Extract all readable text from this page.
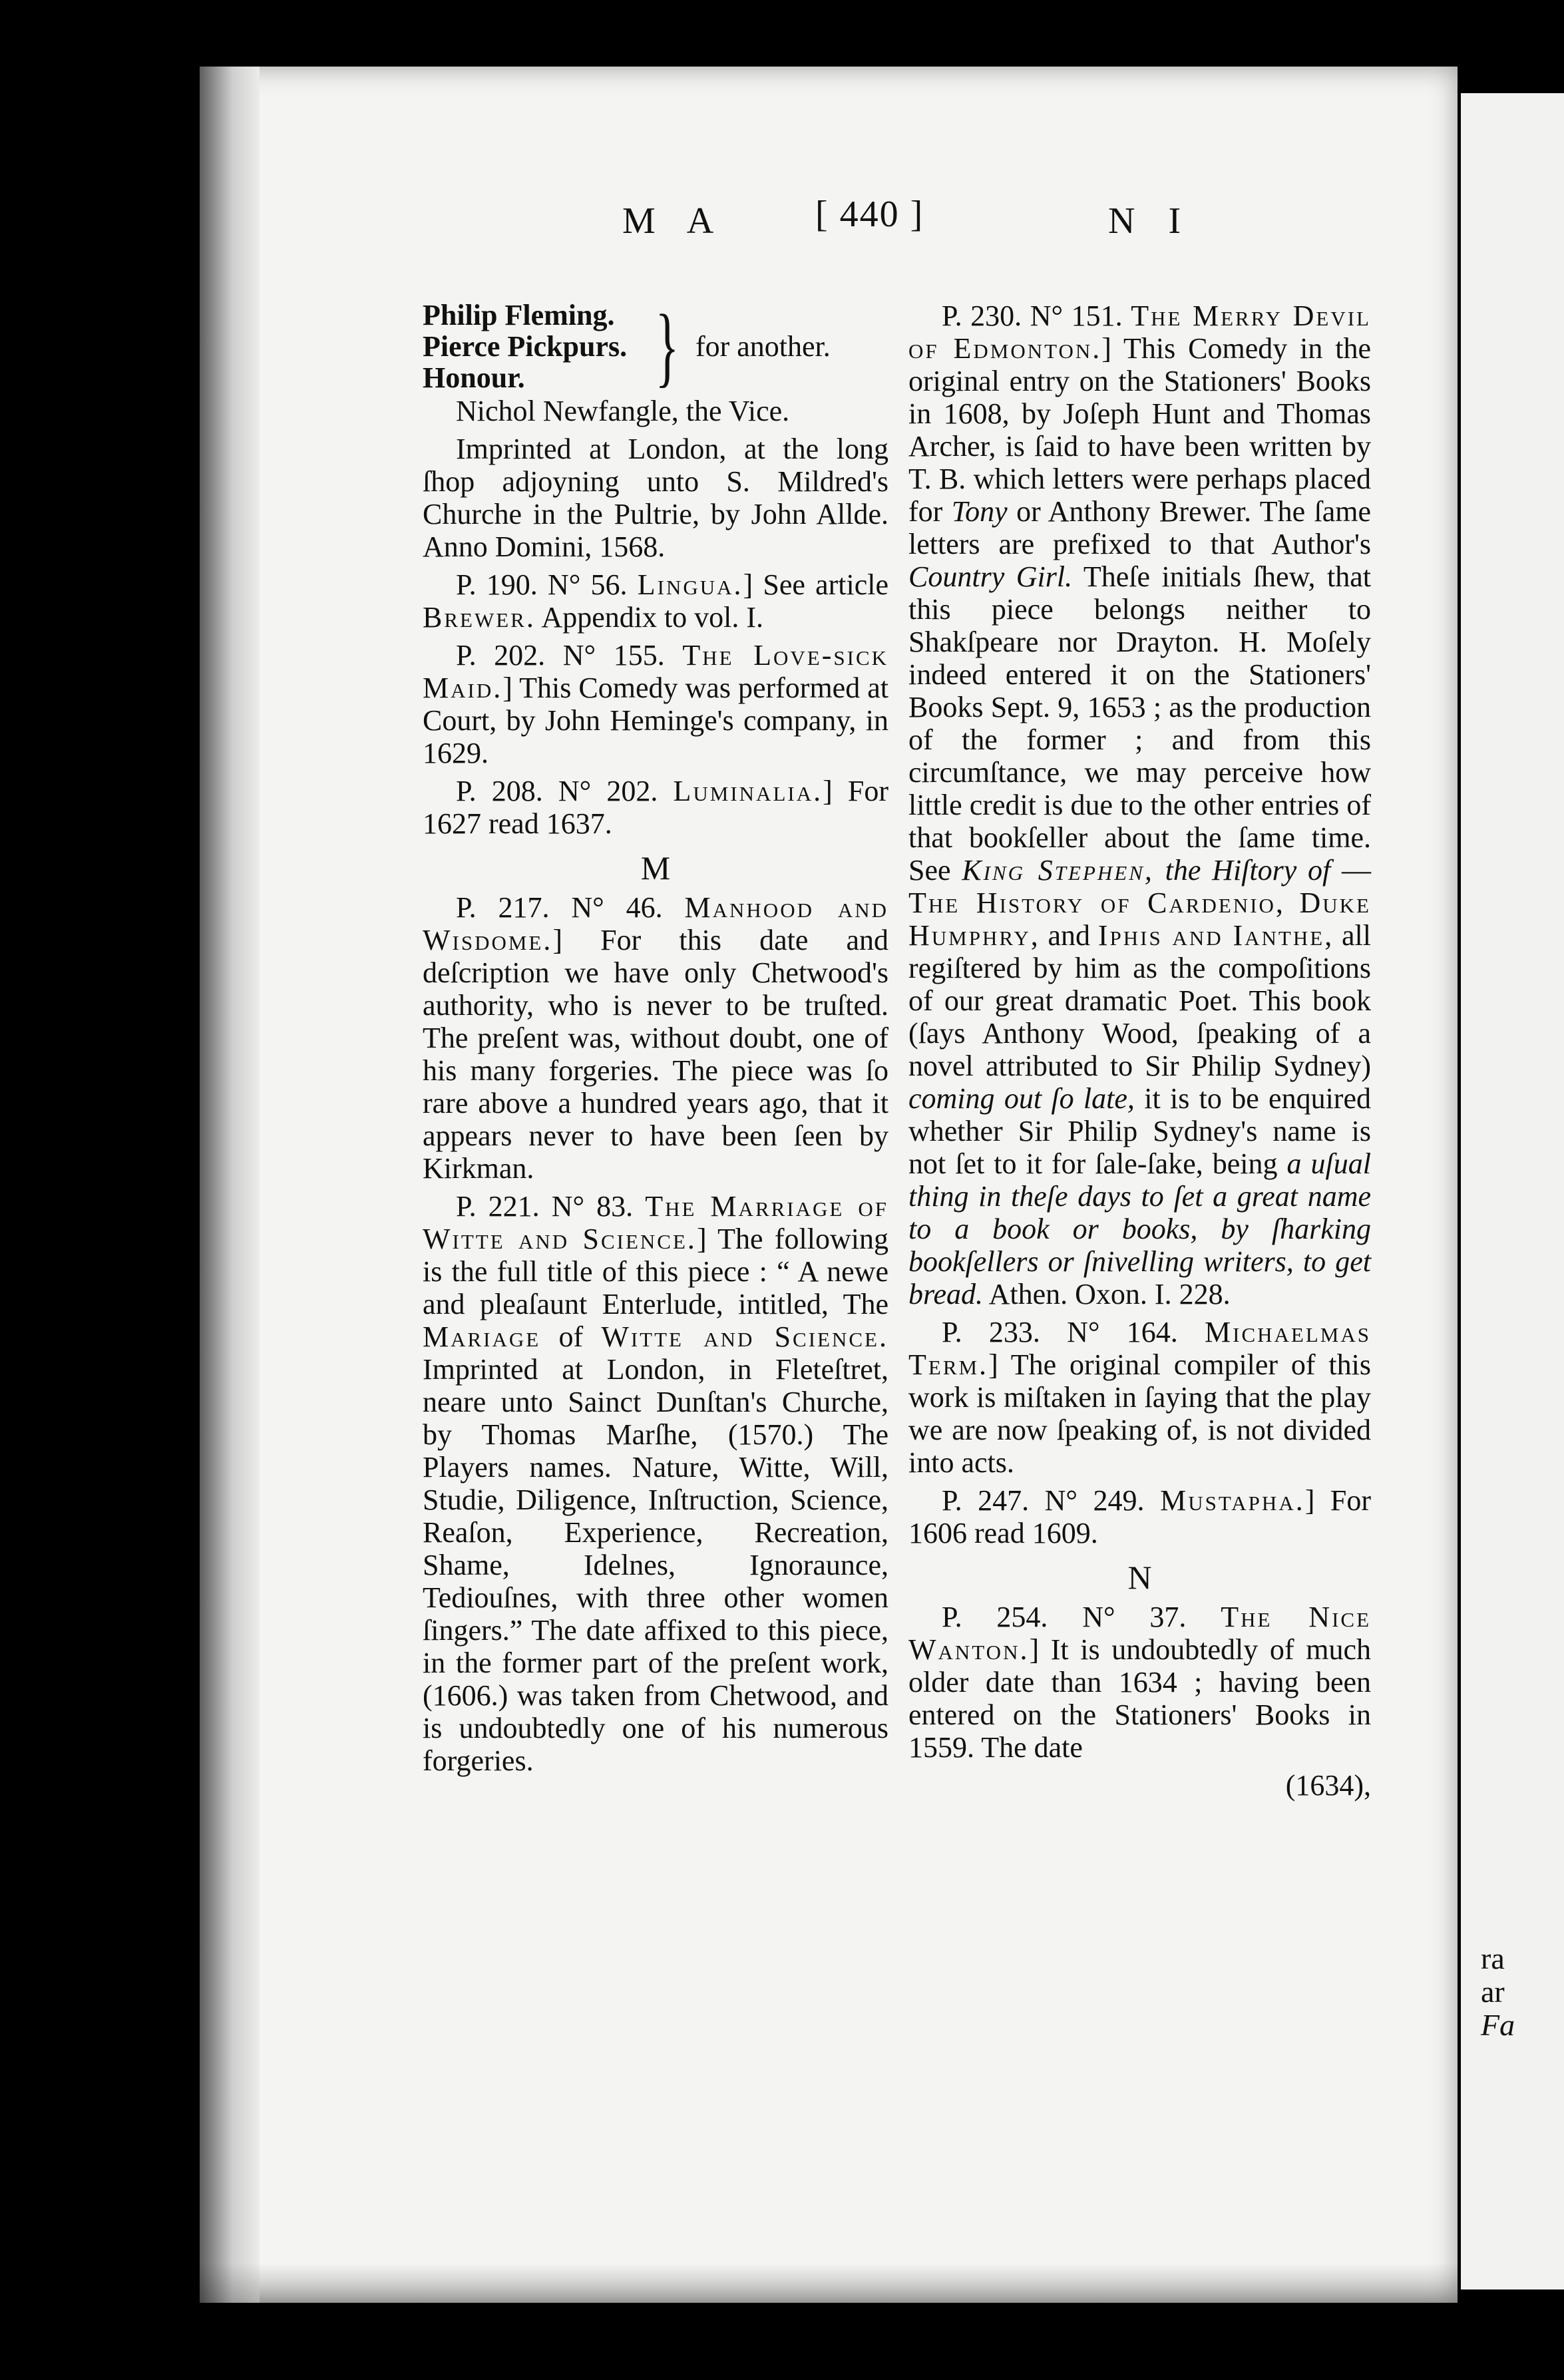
ra
ar
Fa
M A [ 440 ]	N I
Philip Fleming.
Pierce Pickpurs.
Honour.	} for another.

Nichol Newfangle, the Vice.

Imprinted at London, at the long ſhop adjoyning unto S. Mildred's Churche in the Pultrie, by John Allde. Anno Domini, 1568.

P. 190. N° 56. Lingua.] See article Brewer. Appendix to vol. I.

P. 202. N° 155. The Love-sick Maid.] This Comedy was performed at Court, by John Heminge's company, in 1629.

P. 208. N° 202. Luminalia.] For 1627 read 1637.

M

P. 217. N° 46. Manhood and Wisdome.] For this date and deſcription we have only Chetwood's authority, who is never to be truſted. The preſent was, without doubt, one of his many forgeries. The piece was ſo rare above a hundred years ago, that it appears never to have been ſeen by Kirkman.

P. 221. N° 83. The Marriage of Witte and Science.] The following is the full title of this piece : “ A newe and pleaſaunt Enterlude, intitled, The Mariage of Witte and Science. Imprinted at London, in Fleteſtret, neare unto Sainct Dunſtan's Churche, by Thomas Marſhe, (1570.) The Players names. Nature, Witte, Will, Studie, Diligence, Inſtruction, Science, Reaſon, Experience, Recreation, Shame, Idelnes, Ignoraunce, Tediouſnes, with three other women ſingers.” The date affixed to this piece, in the former part of the preſent work, (1606.) was taken from Chetwood, and is undoubtedly one of his numerous forgeries.

P. 230. N° 151. The Merry Devil of Edmonton.] This Comedy in the original entry on the Stationers' Books in 1608, by Joſeph Hunt and Thomas Archer, is ſaid to have been written by T. B. which letters were perhaps placed for Tony or Anthony Brewer. The ſame letters are prefixed to that Author's Country Girl. Theſe initials ſhew, that this piece belongs neither to Shakſpeare nor Drayton. H. Moſely indeed entered it on the Stationers' Books Sept. 9, 1653 ; as the production of the former ; and from this circumſtance, we may perceive how little credit is due to the other entries of that bookſeller about the ſame time. See King Stephen, the Hiſtory of —The History of Cardenio, Duke Humphry, and Iphis and Ianthe, all regiſtered by him as the compoſitions of our great dramatic Poet. This book (ſays Anthony Wood, ſpeaking of a novel attributed to Sir Philip Sydney) coming out ſo late, it is to be enquired whether Sir Philip Sydney's name is not ſet to it for ſale-ſake, being a uſual thing in theſe days to ſet a great name to a book or books, by ſharking bookſellers or ſnivelling writers, to get bread. Athen. Oxon. I. 228.

P. 233. N° 164. Michaelmas Term.] The original compiler of this work is miſtaken in ſaying that the play we are now ſpeaking of, is not divided into acts.

P. 247. N° 249. Mustapha.] For 1606 read 1609.

N

P. 254. N° 37. The Nice Wanton.] It is undoubtedly of much older date than 1634 ; having been entered on the Stationers' Books in 1559. The date

(1634),
